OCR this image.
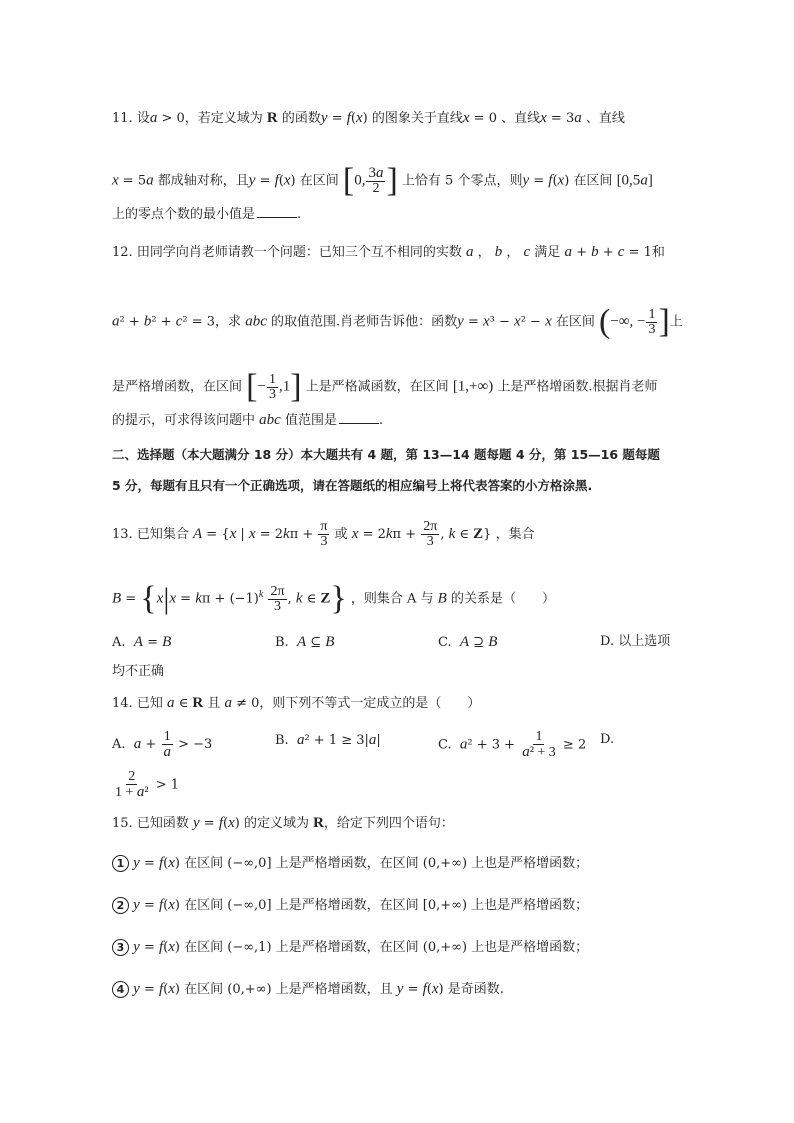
11. 设a > 0，若定义域为 R 的函数y = f(x) 的图象关于直线x = 0 、直线x = 3a 、直线
x = 5a 都成轴对称，且y = f(x) 在区间 [0, $\frac{3a}{2}$ ] 上恰有 5 个零点，则y = f(x) 在区间 [0,5a]
上的零点个数的最小值是	.
12. 田同学向肖老师请教一个问题：已知三个互不相同的实数 a ， b ， c 满足 a + b + c = 1和
a² + b² + c² = 3，求 abc 的取值范围.肖老师告诉他：函数y = x³ − x² − x 在区间 (−∞, − $\frac{1}{3}$ ]上
是严格增函数，在区间 [− $\frac{1}{3} ,1$] 上是严格减函数，在区间 [1,+∞) 上是严格增函数.根据肖老师
的提示，可求得该问题中 abc 值范围是	.
二、选择题（本大题满分 18 分）本大题共有 4 题，第 13—14 题每题 4 分，第 15—16 题每题
5 分，每题有且只有一个正确选项，请在答题纸的相应编号上将代表答案的小方格涂黑.
13. 已知集合 A = {x | $x = 2k\pi + \frac{\pi}{3}$ 或 $x = 2k\pi + \frac{2\pi}{3}$ , k ∈ Z} ，集合
$B = \{x|x = k\pi + (-1)^k \frac{2\pi}{3}$ , k ∈ Z} ，则集合 A 与 B 的关系是（　　）
A.  A = B	B.  A ⊆ B	C.  A ⊇ B	D. 以上选项
均不正确
14. 已知 a ∈ R 且 a ≠ 0，则下列不等式一定成立的是（　　）
A.  $a + \frac{1}{a} > -3$	B.  a² + 1 ≥ 3|a|	C.  $a^2 + 3 + \frac{1}{\text{a² + 3}} \ge 2$ D.
$\frac{2}{\text{1 + a²}} > 1$
15. 已知函数 y = f(x) 的定义域为 R，给定下列四个语句：
1 y = f(x) 在区间 (−∞,0] 上是严格增函数，在区间 (0,+∞) 上也是严格增函数；
2 y = f(x) 在区间 (−∞,0] 上是严格增函数，在区间 [0,+∞) 上也是严格增函数；
3 y = f(x) 在区间 (−∞,1) 上是严格增函数，在区间 (0,+∞) 上也是严格增函数；
4 y = f(x) 在区间 (0,+∞) 上是严格增函数，且 y = f(x) 是奇函数.
